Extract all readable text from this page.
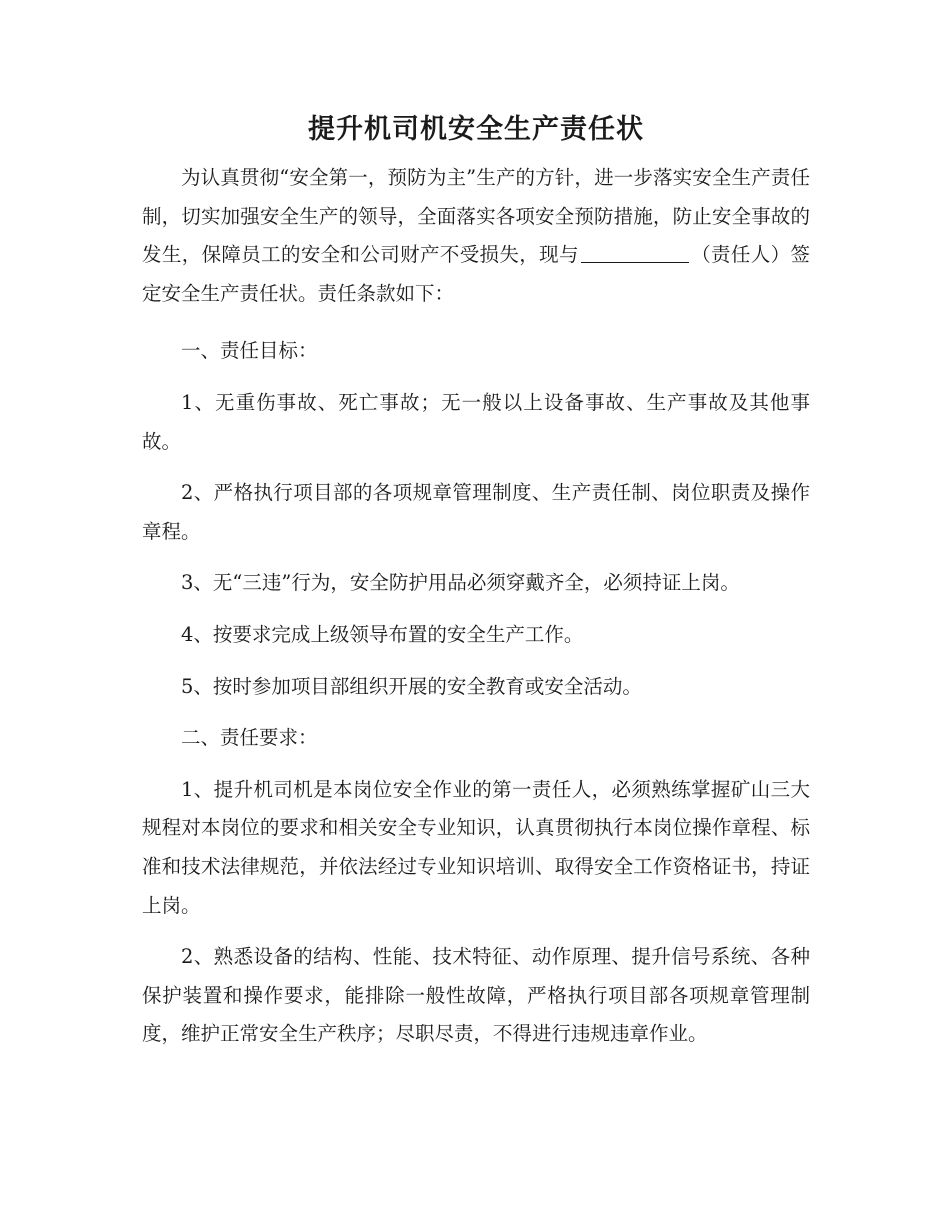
提升机司机安全生产责任状

为认真贯彻“安全第一，预防为主”生产的方针，进一步落实安全生产责任制，切实加强安全生产的领导，全面落实各项安全预防措施，防止安全事故的发生，保障员工的安全和公司财产不受损失，现与	（责任人）签定安全生产责任状。责任条款如下：

一、责任目标：

1、无重伤事故、死亡事故；无一般以上设备事故、生产事故及其他事故。

2、严格执行项目部的各项规章管理制度、生产责任制、岗位职责及操作章程。

3、无“三违”行为，安全防护用品必须穿戴齐全，必须持证上岗。

4、按要求完成上级领导布置的安全生产工作。

5、按时参加项目部组织开展的安全教育或安全活动。

二、责任要求：

1、提升机司机是本岗位安全作业的第一责任人，必须熟练掌握矿山三大规程对本岗位的要求和相关安全专业知识，认真贯彻执行本岗位操作章程、标准和技术法律规范，并依法经过专业知识培训、取得安全工作资格证书，持证上岗。

2、熟悉设备的结构、性能、技术特征、动作原理、提升信号系统、各种保护装置和操作要求，能排除一般性故障，严格执行项目部各项规章管理制度，维护正常安全生产秩序；尽职尽责，不得进行违规违章作业。
